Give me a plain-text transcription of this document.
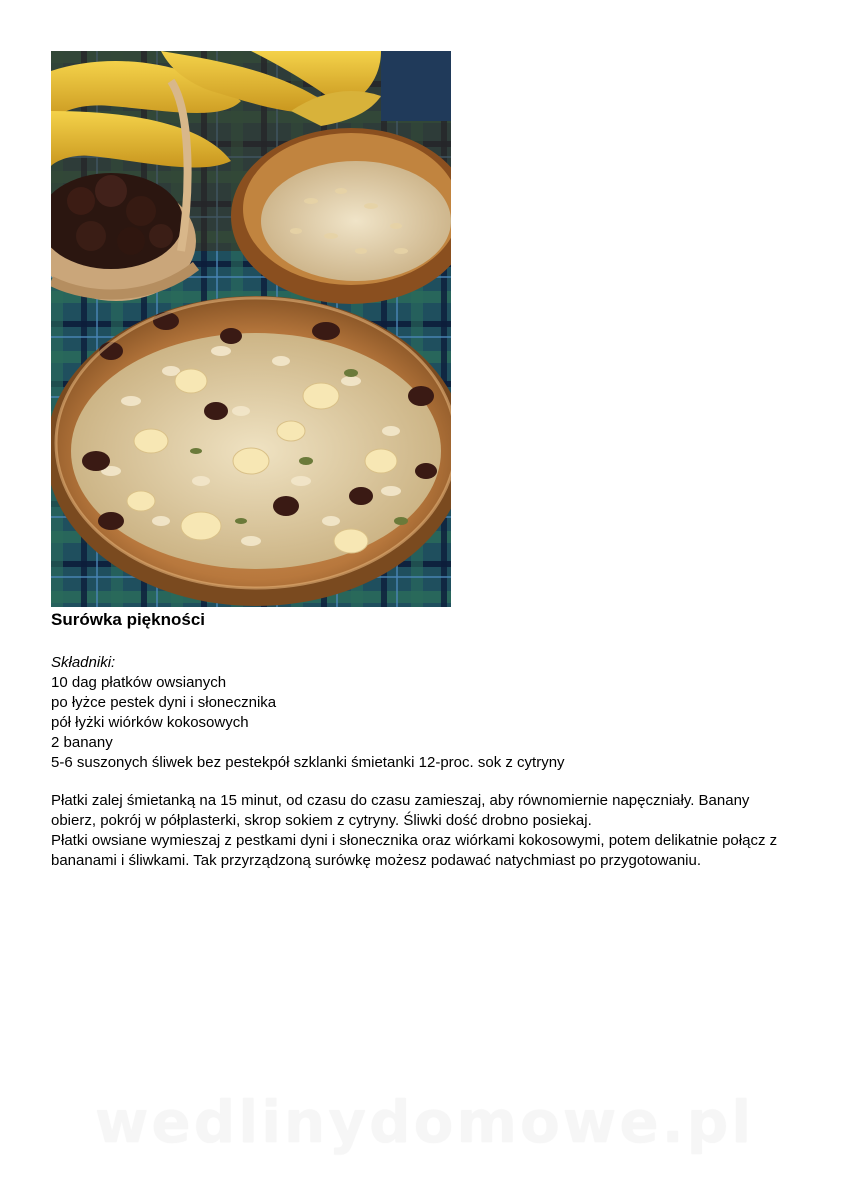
Surówka piękności
Składniki:
10 dag płatków owsianych
po łyżce pestek dyni i słonecznika
pół łyżki wiórków kokosowych
2 banany
5-6 suszonych śliwek bez pestekpół szklanki śmietanki 12-proc. sok z cytryny

Płatki zalej śmietanką na 15 minut, od czasu do czasu zamieszaj, aby równomiernie napęczniały. Banany obierz, pokrój w półplasterki, skrop sokiem z cytryny. Śliwki dość drobno posiekaj.

Płatki owsiane wymieszaj z pestkami dyni i słonecznika oraz wiórkami kokosowymi, potem delikatnie połącz z bananami i śliwkami. Tak przyrządzoną surówkę możesz podawać natychmiast po przygotowaniu.

wedlinydomowe.pl
